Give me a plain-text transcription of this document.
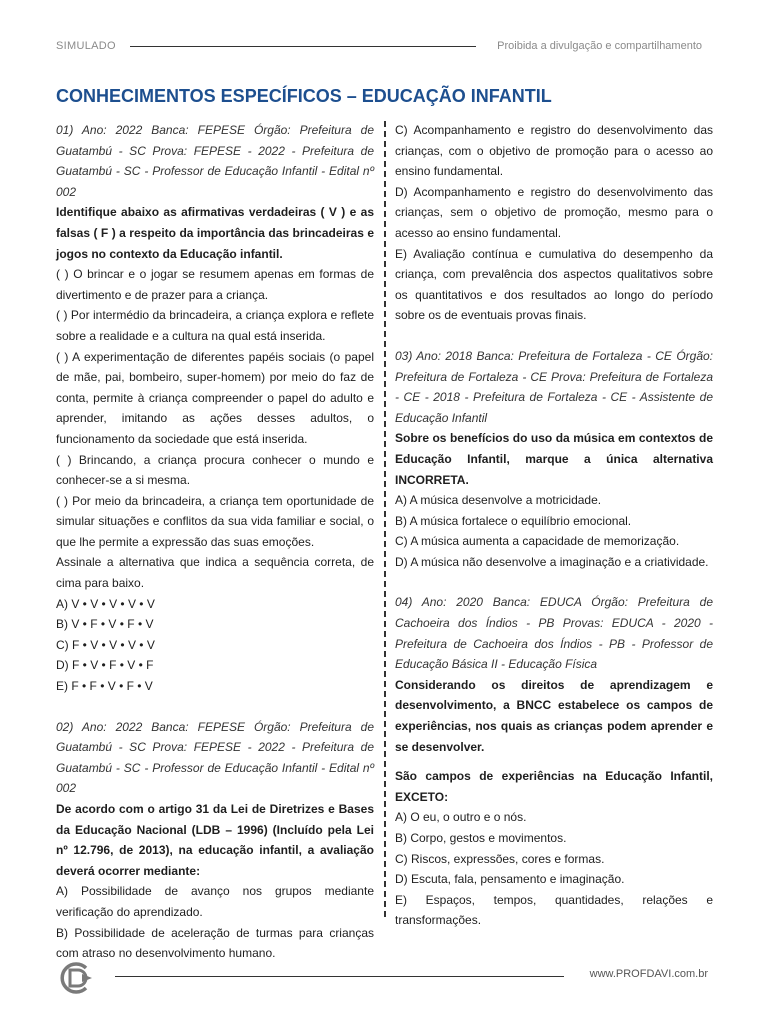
SIMULADO	Proibida a divulgação e compartilhamento
CONHECIMENTOS ESPECÍFICOS – EDUCAÇÃO INFANTIL
01) Ano: 2022 Banca: FEPESE Órgão: Prefeitura de Guatambú - SC Prova: FEPESE - 2022 - Prefeitura de Guatambú - SC - Professor de Educação Infantil - Edital nº 002
Identifique abaixo as afirmativas verdadeiras ( V ) e as falsas ( F ) a respeito da importância das brincadeiras e jogos no contexto da Educação infantil.
( ) O brincar e o jogar se resumem apenas em formas de divertimento e de prazer para a criança.
( ) Por intermédio da brincadeira, a criança explora e reflete sobre a realidade e a cultura na qual está inserida.
( ) A experimentação de diferentes papéis sociais (o papel de mãe, pai, bombeiro, super-homem) por meio do faz de conta, permite à criança compreender o papel do adulto e aprender, imitando as ações desses adultos, o funcionamento da sociedade que está inserida.
( ) Brincando, a criança procura conhecer o mundo e conhecer-se a si mesma.
( ) Por meio da brincadeira, a criança tem oportunidade de simular situações e conflitos da sua vida familiar e social, o que lhe permite a expressão das suas emoções.
Assinale a alternativa que indica a sequência correta, de cima para baixo.
A) V • V • V • V • V
B) V • F • V • F • V
C) F • V • V • V • V
D) F • V • F • V • F
E) F • F • V • F • V
02) Ano: 2022 Banca: FEPESE Órgão: Prefeitura de Guatambú - SC Prova: FEPESE - 2022 - Prefeitura de Guatambú - SC - Professor de Educação Infantil - Edital nº 002
De acordo com o artigo 31 da Lei de Diretrizes e Bases da Educação Nacional (LDB – 1996) (Incluído pela Lei nº 12.796, de 2013), na educação infantil, a avaliação deverá ocorrer mediante:
A) Possibilidade de avanço nos grupos mediante verificação do aprendizado.
B) Possibilidade de aceleração de turmas para crianças com atraso no desenvolvimento humano.
C) Acompanhamento e registro do desenvolvimento das crianças, com o objetivo de promoção para o acesso ao ensino fundamental.
D) Acompanhamento e registro do desenvolvimento das crianças, sem o objetivo de promoção, mesmo para o acesso ao ensino fundamental.
E) Avaliação contínua e cumulativa do desempenho da criança, com prevalência dos aspectos qualitativos sobre os quantitativos e dos resultados ao longo do período sobre os de eventuais provas finais.
03) Ano: 2018 Banca: Prefeitura de Fortaleza - CE Órgão: Prefeitura de Fortaleza - CE Prova: Prefeitura de Fortaleza - CE - 2018 - Prefeitura de Fortaleza - CE - Assistente de Educação Infantil
Sobre os benefícios do uso da música em contextos de Educação Infantil, marque a única alternativa INCORRETA.
A) A música desenvolve a motricidade.
B) A música fortalece o equilíbrio emocional.
C) A música aumenta a capacidade de memorização.
D) A música não desenvolve a imaginação e a criatividade.
04) Ano: 2020 Banca: EDUCA Órgão: Prefeitura de Cachoeira dos Índios - PB Provas: EDUCA - 2020 - Prefeitura de Cachoeira dos Índios - PB - Professor de Educação Básica II - Educação Física
Considerando os direitos de aprendizagem e desenvolvimento, a BNCC estabelece os campos de experiências, nos quais as crianças podem aprender e se desenvolver.
São campos de experiências na Educação Infantil, EXCETO:
A) O eu, o outro e o nós.
B) Corpo, gestos e movimentos.
C) Riscos, expressões, cores e formas.
D) Escuta, fala, pensamento e imaginação.
E) Espaços, tempos, quantidades, relações e transformações.
www.PROFDAVI.com.br
